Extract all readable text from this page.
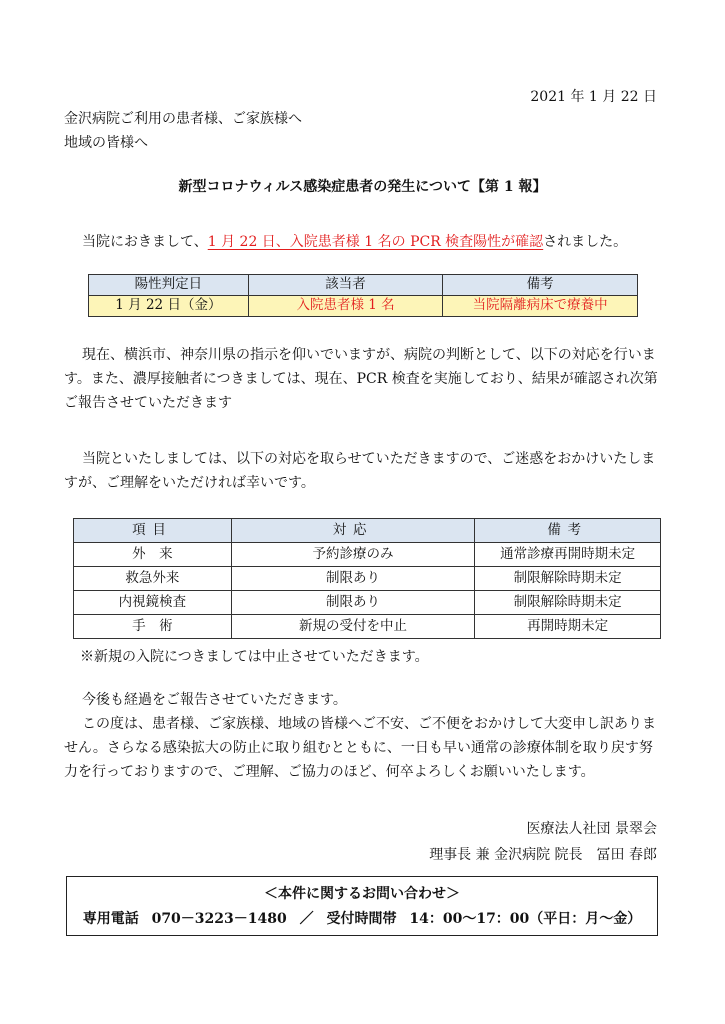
2021 年 1 月 22 日
金沢病院ご利用の患者様、ご家族様へ
地域の皆様へ
新型コロナウィルス感染症患者の発生について【第 1 報】
当院におきまして、1 月 22 日、入院患者様 1 名の PCR 検査陽性が確認されました。
陽性判定日	該当者	備考
1 月 22 日（金）	入院患者様 1 名	当院隔離病床で療養中
現在、横浜市、神奈川県の指示を仰いでいますが、病院の判断として、以下の対応を行います。また、濃厚接触者につきましては、現在、PCR 検査を実施しており、結果が確認され次第ご報告させていただきます
当院といたしましては、以下の対応を取らせていただきますので、ご迷惑をおかけいたしますが、ご理解をいただければ幸いです。
項目	対応	備考
外来	予約診療のみ	通常診療再開時期未定
救急外来	制限あり	制限解除時期未定
内視鏡検査	制限あり	制限解除時期未定
手術	新規の受付を中止	再開時期未定
※新規の入院につきましては中止させていただきます。
今後も経過をご報告させていただきます。
この度は、患者様、ご家族様、地域の皆様へご不安、ご不便をおかけして大変申し訳ありません。さらなる感染拡大の防止に取り組むとともに、一日も早い通常の診療体制を取り戻す努力を行っておりますので、ご理解、ご協力のほど、何卒よろしくお願いいたします。
医療法人社団 景翠会
理事長 兼 金沢病院 院長　冨田 春郎
＜本件に関するお問い合わせ＞
専用電話 070－3223－1480 ／ 受付時間帯 14：00～17：00（平日：月～金）
